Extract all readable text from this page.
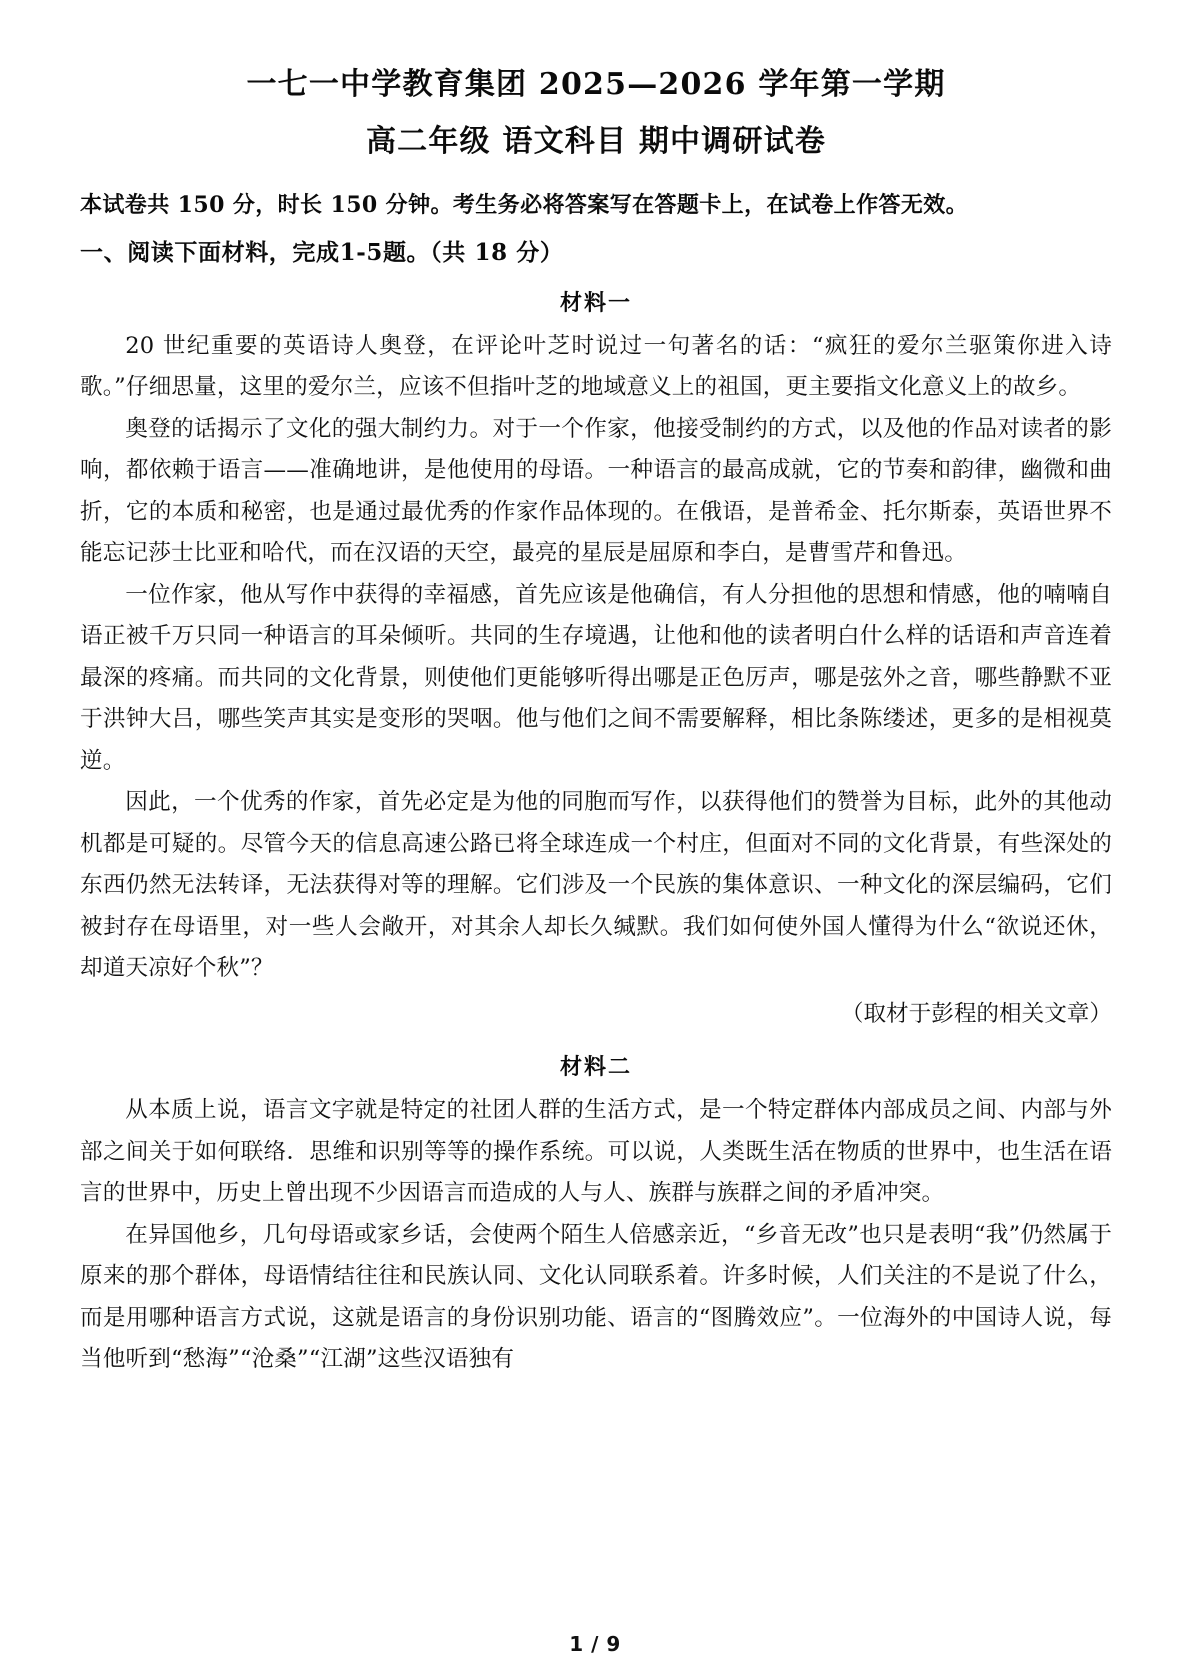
一七一中学教育集团 2025—2026 学年第一学期
高二年级 语文科目 期中调研试卷
本试卷共 150 分，时长 150 分钟。考生务必将答案写在答题卡上，在试卷上作答无效。
一、阅读下面材料，完成1-5题。（共 18 分）
材料一

20 世纪重要的英语诗人奥登，在评论叶芝时说过一句著名的话：“疯狂的爱尔兰驱策你进入诗歌。”仔细思量，这里的爱尔兰，应该不但指叶芝的地域意义上的祖国，更主要指文化意义上的故乡。

奥登的话揭示了文化的强大制约力。对于一个作家，他接受制约的方式，以及他的作品对读者的影响，都依赖于语言——准确地讲，是他使用的母语。一种语言的最高成就，它的节奏和韵律，幽微和曲折，它的本质和秘密，也是通过最优秀的作家作品体现的。在俄语，是普希金、托尔斯泰，英语世界不能忘记莎士比亚和哈代，而在汉语的天空，最亮的星辰是屈原和李白，是曹雪芹和鲁迅。

一位作家，他从写作中获得的幸福感，首先应该是他确信，有人分担他的思想和情感，他的喃喃自语正被千万只同一种语言的耳朵倾听。共同的生存境遇，让他和他的读者明白什么样的话语和声音连着最深的疼痛。而共同的文化背景，则使他们更能够听得出哪是正色厉声，哪是弦外之音，哪些静默不亚于洪钟大吕，哪些笑声其实是变形的哭咽。他与他们之间不需要解释，相比条陈缕述，更多的是相视莫逆。

因此，一个优秀的作家，首先必定是为他的同胞而写作，以获得他们的赞誉为目标，此外的其他动机都是可疑的。尽管今天的信息高速公路已将全球连成一个村庄，但面对不同的文化背景，有些深处的东西仍然无法转译，无法获得对等的理解。它们涉及一个民族的集体意识、一种文化的深层编码，它们被封存在母语里，对一些人会敞开，对其余人却长久缄默。我们如何使外国人懂得为什么“欲说还休，却道天凉好个秋”？

（取材于彭程的相关文章）

材料二

从本质上说，语言文字就是特定的社团人群的生活方式，是一个特定群体内部成员之间、内部与外部之间关于如何联络．思维和识别等等的操作系统。可以说，人类既生活在物质的世界中，也生活在语言的世界中，历史上曾出现不少因语言而造成的人与人、族群与族群之间的矛盾冲突。

在异国他乡，几句母语或家乡话，会使两个陌生人倍感亲近，“乡音无改”也只是表明“我”仍然属于原来的那个群体，母语情结往往和民族认同、文化认同联系着。许多时候，人们关注的不是说了什么，而是用哪种语言方式说，这就是语言的身份识别功能、语言的“图腾效应”。一位海外的中国诗人说，每当他听到“愁海”“沧桑”“江湖”这些汉语独有

1 / 9
